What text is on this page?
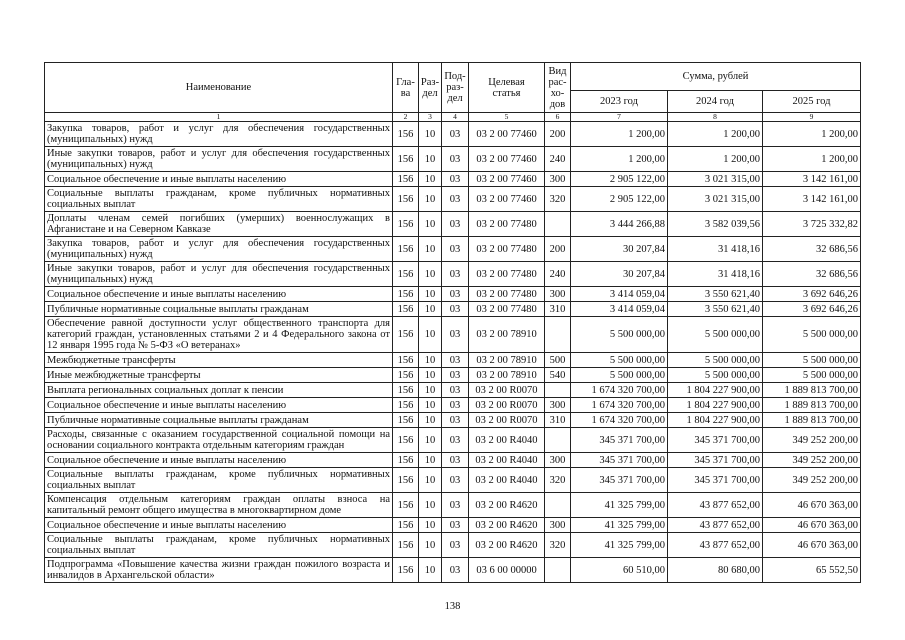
Наименование	Гла-ва	Раз-дел	Под-раз-дел	Целевая статья	Вид рас-хо-дов	Сумма, рублей		
						2023 год	2024 год	2025 год
1	2	3	4	5	6	7	8	9
Закупка товаров, работ и услуг для обеспечения государственных (муниципальных) нужд	156	10	03	03 2 00 77460	200	1 200,00	1 200,00	1 200,00
Иные закупки товаров, работ и услуг для обеспечения государственных (муниципальных) нужд	156	10	03	03 2 00 77460	240	1 200,00	1 200,00	1 200,00
Социальное обеспечение и иные выплаты населению	156	10	03	03 2 00 77460	300	2 905 122,00	3 021 315,00	3 142 161,00
Социальные выплаты гражданам, кроме публичных нормативных социальных выплат	156	10	03	03 2 00 77460	320	2 905 122,00	3 021 315,00	3 142 161,00
Доплаты членам семей погибших (умерших) военнослужащих в Афганистане и на Северном Кавказе	156	10	03	03 2 00 77480		3 444 266,88	3 582 039,56	3 725 332,82
Закупка товаров, работ и услуг для обеспечения государственных (муниципальных) нужд	156	10	03	03 2 00 77480	200	30 207,84	31 418,16	32 686,56
Иные закупки товаров, работ и услуг для обеспечения государственных (муниципальных) нужд	156	10	03	03 2 00 77480	240	30 207,84	31 418,16	32 686,56
Социальное обеспечение и иные выплаты населению	156	10	03	03 2 00 77480	300	3 414 059,04	3 550 621,40	3 692 646,26
Публичные нормативные социальные выплаты гражданам	156	10	03	03 2 00 77480	310	3 414 059,04	3 550 621,40	3 692 646,26
Обеспечение равной доступности услуг общественного транспорта для категорий граждан, установленных статьями 2 и 4 Федерального закона от 12 января 1995 года № 5-ФЗ «О ветеранах»	156	10	03	03 2 00 78910		5 500 000,00	5 500 000,00	5 500 000,00
Межбюджетные трансферты	156	10	03	03 2 00 78910	500	5 500 000,00	5 500 000,00	5 500 000,00
Иные межбюджетные трансферты	156	10	03	03 2 00 78910	540	5 500 000,00	5 500 000,00	5 500 000,00
Выплата региональных социальных доплат к пенсии	156	10	03	03 2 00 R0070		1 674 320 700,00	1 804 227 900,00	1 889 813 700,00
Социальное обеспечение и иные выплаты населению	156	10	03	03 2 00 R0070	300	1 674 320 700,00	1 804 227 900,00	1 889 813 700,00
Публичные нормативные социальные выплаты гражданам	156	10	03	03 2 00 R0070	310	1 674 320 700,00	1 804 227 900,00	1 889 813 700,00
Расходы, связанные с оказанием государственной социальной помощи на основании социального контракта отдельным категориям граждан	156	10	03	03 2 00 R4040		345 371 700,00	345 371 700,00	349 252 200,00
Социальное обеспечение и иные выплаты населению	156	10	03	03 2 00 R4040	300	345 371 700,00	345 371 700,00	349 252 200,00
Социальные выплаты гражданам, кроме публичных нормативных социальных выплат	156	10	03	03 2 00 R4040	320	345 371 700,00	345 371 700,00	349 252 200,00
Компенсация отдельным категориям граждан оплаты взноса на капитальный ремонт общего имущества в многоквартирном доме	156	10	03	03 2 00 R4620		41 325 799,00	43 877 652,00	46 670 363,00
Социальное обеспечение и иные выплаты населению	156	10	03	03 2 00 R4620	300	41 325 799,00	43 877 652,00	46 670 363,00
Социальные выплаты гражданам, кроме публичных нормативных социальных выплат	156	10	03	03 2 00 R4620	320	41 325 799,00	43 877 652,00	46 670 363,00
Подпрограмма «Повышение качества жизни граждан пожилого возраста и инвалидов в Архангельской области»	156	10	03	03 6 00 00000		60 510,00	80 680,00	65 552,50
138
